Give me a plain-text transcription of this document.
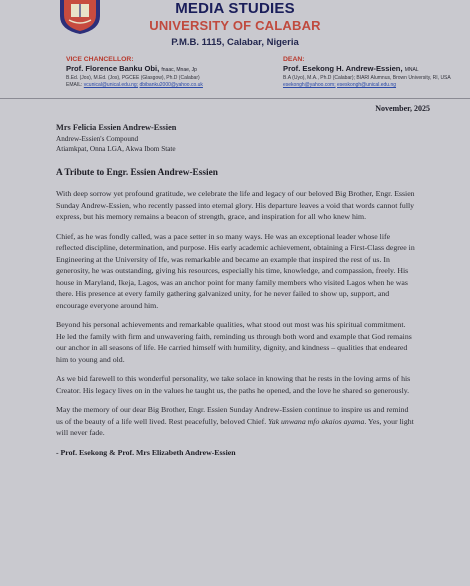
MEDIA STUDIES
UNIVERSITY OF CALABAR
P.M.B. 1115, Calabar, Nigeria
VICE CHANCELLOR:
Prof. Florence Banku Obi, fnaac, Mnae, Jp
B.Ed. (Jos), M.Ed. (Jos), PGCEE (Glasgow), Ph.D (Calabar)
EMAIL: vcunical@unical.edu.ng; dbibanku2000@yahoo.co.uk
DEAN:
Prof. Esekong H. Andrew-Essien, MNAL
B.A (Uyo), M.A., Ph.D (Calabar); BIARI Alumnus, Brown University, RI, USA
esekongh@yahoo.com; eseskongh@unical.edu.ng
November, 2025
Mrs Felicia Essien Andrew-Essien
Andrew-Essien's Compound
Atiamkpat, Onna LGA, Akwa Ibom State
A Tribute to Engr. Essien Andrew-Essien

With deep sorrow yet profound gratitude, we celebrate the life and legacy of our beloved Big Brother, Engr. Essien Sunday Andrew-Essien, who recently passed into eternal glory. His departure leaves a void that words cannot fully express, but his memory remains a beacon of strength, grace, and inspiration for all who knew him.

Chief, as he was fondly called, was a pace setter in so many ways. He was an exceptional leader whose life reflected discipline, determination, and purpose. His early academic achievement, obtaining a First-Class degree in Engineering at the University of Ife, was remarkable and became an example that inspired the rest of us. In generosity, he was outstanding, giving his resources, especially his time, knowledge, and compassion, freely. His house in Maryland, Ikeja, Lagos, was an anchor point for many family members who visited Lagos when he was there. His presence at every family gathering galvanized unity, for he never failed to show up, support, and encourage everyone around him.

Beyond his personal achievements and remarkable qualities, what stood out most was his spiritual commitment. He led the family with firm and unwavering faith, reminding us through both word and example that God remains our anchor in all seasons of life. He carried himself with humility, dignity, and kindness – qualities that endeared him to young and old.

As we bid farewell to this wonderful personality, we take solace in knowing that he rests in the loving arms of his Creator. His legacy lives on in the values he taught us, the paths he opened, and the love he shared so generously.

May the memory of our dear Big Brother, Engr. Essien Sunday Andrew-Essien continue to inspire us and remind us of the beauty of a life well lived. Rest peacefully, beloved Chief. Yak unwana mfo akaios ayama. Yes, your light will never fade.

- Prof. Esekong & Prof. Mrs Elizabeth Andrew-Essien
